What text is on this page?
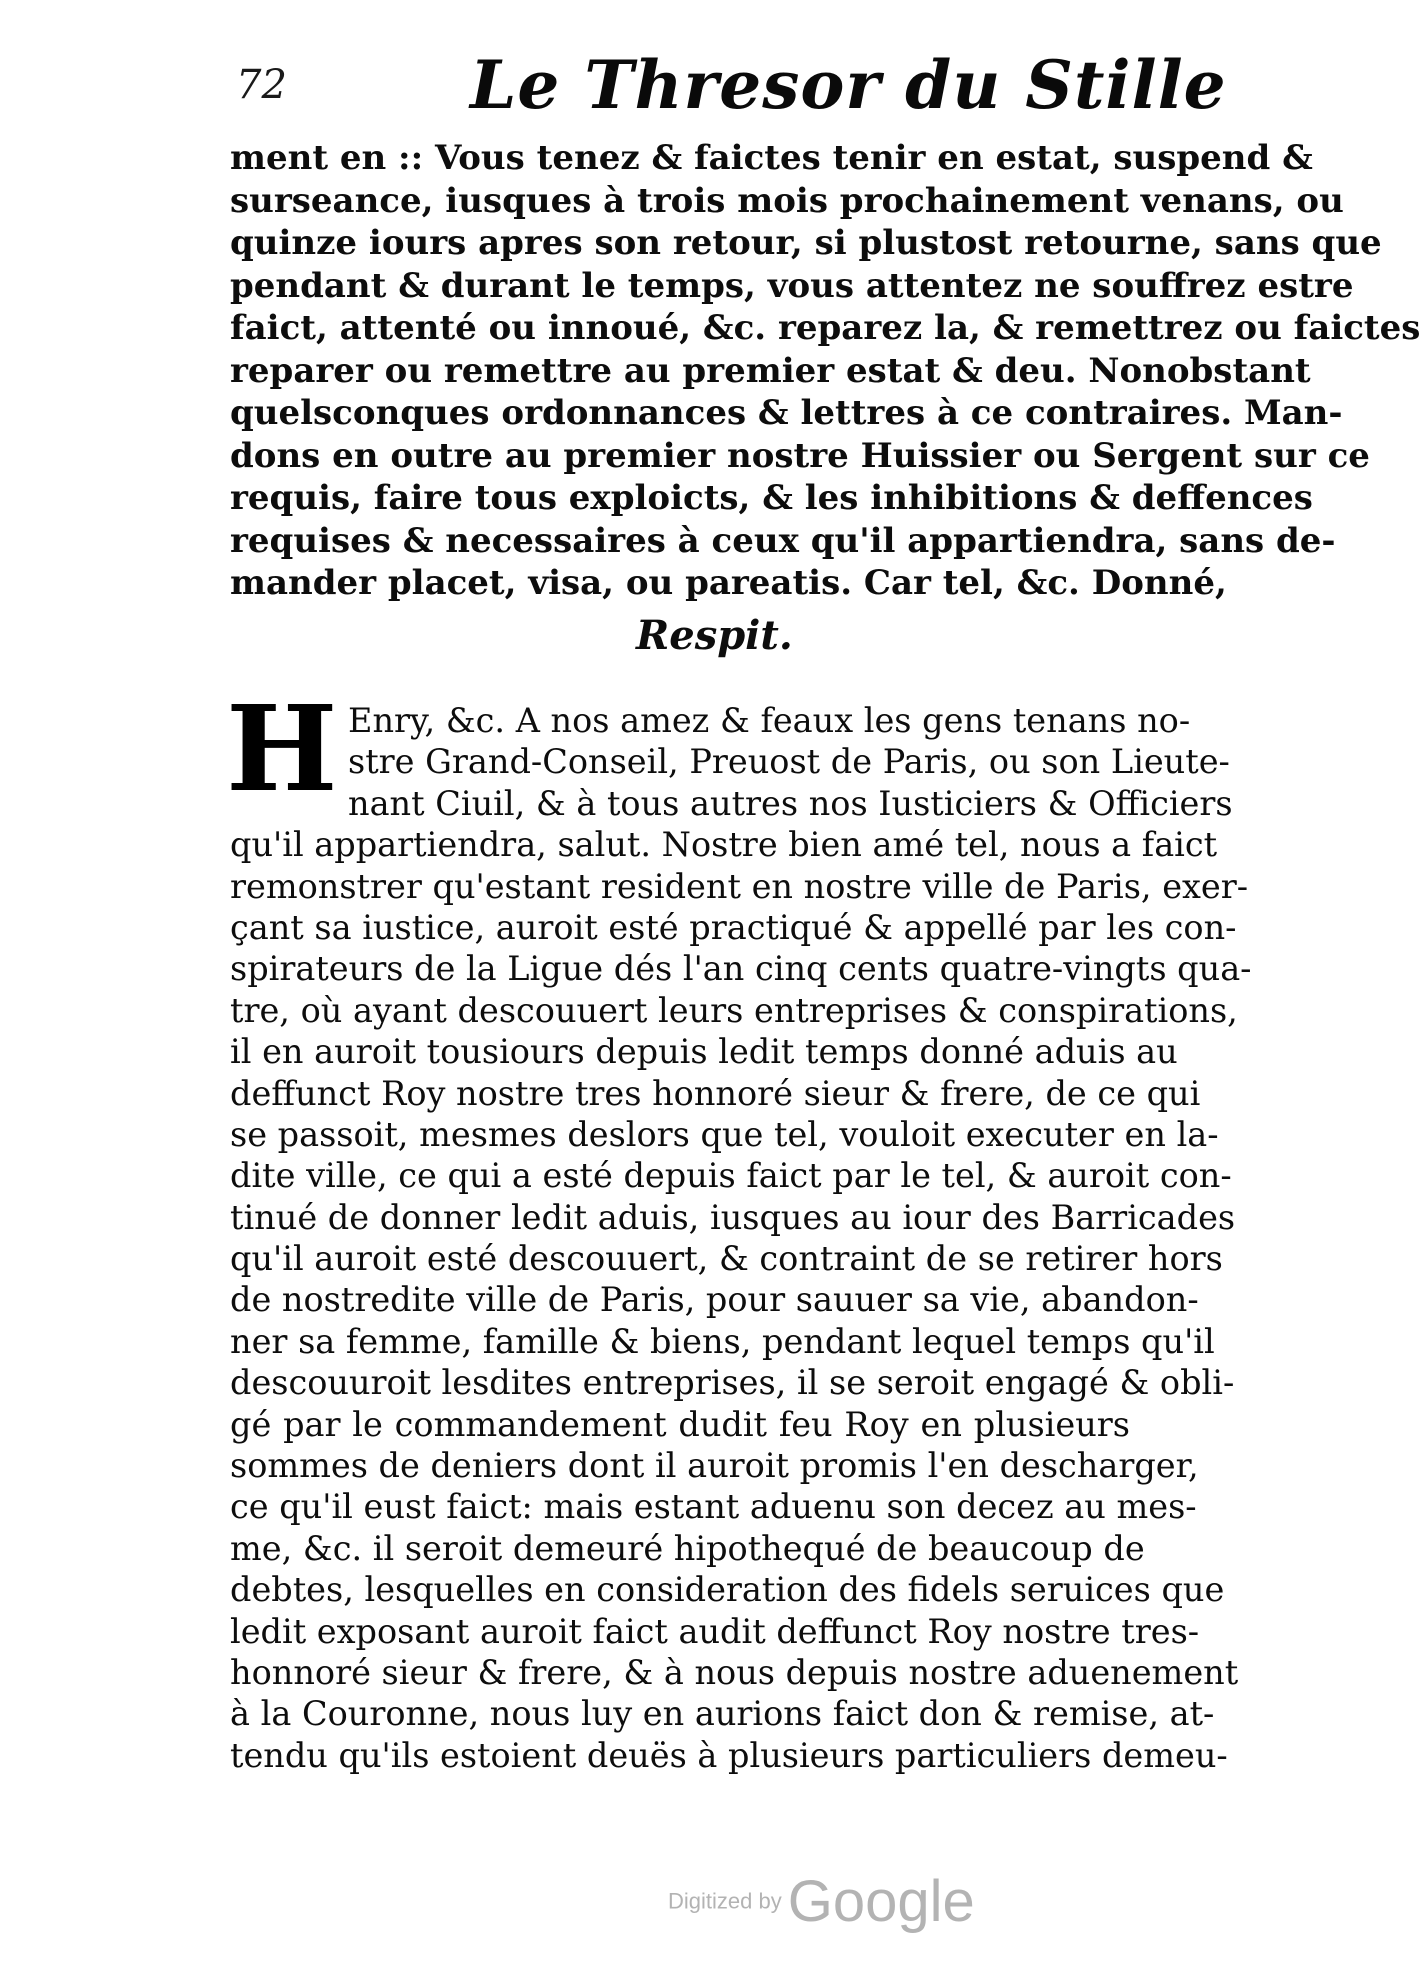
72	Le Thresor du Stille
ment en :: Vous tenez & faictes tenir en estat, suspend &
surseance, iusques à trois mois prochainement venans, ou
quinze iours apres son retour, si plustost retourne, sans que
pendant & durant le temps, vous attentez ne souffrez estre
faict, attenté ou innoué, &c. reparez la, & remettrez ou faictes
reparer ou remettre au premier estat & deu. Nonobstant
quelsconques ordonnances & lettres à ce contraires. Man-
dons en outre au premier nostre Huissier ou Sergent sur ce
requis, faire tous exploicts, & les inhibitions & deffences
requises & necessaires à ceux qu'il appartiendra, sans de-
mander placet, visa, ou pareatis. Car tel, &c. Donné,
Respit.
H Enry, &c. A nos amez & feaux les gens tenans no-
stre Grand-Conseil, Preuost de Paris, ou son Lieute-
nant Ciuil, & à tous autres nos Iusticiers & Officiers
qu'il appartiendra, salut. Nostre bien amé tel, nous a faict
remonstrer qu'estant resident en nostre ville de Paris, exer-
çant sa iustice, auroit esté practiqué & appellé par les con-
spirateurs de la Ligue dés l'an cinq cents quatre-vingts qua-
tre, où ayant descouuert leurs entreprises & conspirations,
il en auroit tousiours depuis ledit temps donné aduis au
deffunct Roy nostre tres honnoré sieur & frere, de ce qui
se passoit, mesmes deslors que tel, vouloit executer en la-
dite ville, ce qui a esté depuis faict par le tel, & auroit con-
tinué de donner ledit aduis, iusques au iour des Barricades
qu'il auroit esté descouuert, & contraint de se retirer hors
de nostredite ville de Paris, pour sauuer sa vie, abandon-
ner sa femme, famille & biens, pendant lequel temps qu'il
descouuroit lesdites entreprises, il se seroit engagé & obli-
gé par le commandement dudit feu Roy en plusieurs
sommes de deniers dont il auroit promis l'en descharger,
ce qu'il eust faict: mais estant aduenu son decez au mes-
me, &c. il seroit demeuré hipothequé de beaucoup de
debtes, lesquelles en consideration des fidels seruices que
ledit exposant auroit faict audit deffunct Roy nostre tres-
honnoré sieur & frere, & à nous depuis nostre aduenement
à la Couronne, nous luy en aurions faict don & remise, at-
tendu qu'ils estoient deuës à plusieurs particuliers demeu-
Digitized by Google
